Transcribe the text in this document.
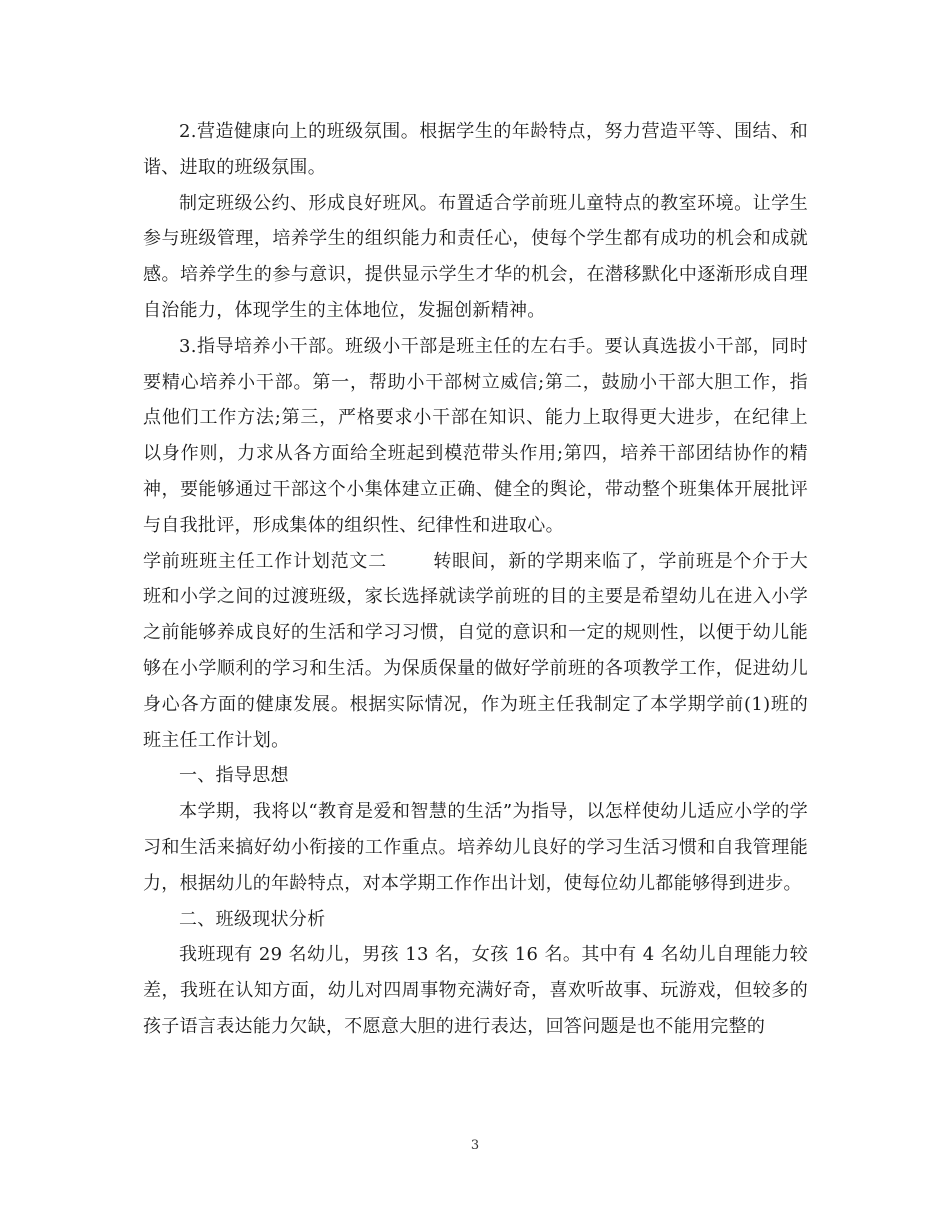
2.营造健康向上的班级氛围。根据学生的年龄特点，努力营造平等、围结、和谐、进取的班级氛围。

制定班级公约、形成良好班风。布置适合学前班儿童特点的教室环境。让学生参与班级管理，培养学生的组织能力和责任心，使每个学生都有成功的机会和成就感。培养学生的参与意识，提供显示学生才华的机会，在潜移默化中逐渐形成自理自治能力，体现学生的主体地位，发掘创新精神。

3.指导培养小干部。班级小干部是班主任的左右手。要认真选拔小干部，同时要精心培养小干部。第一，帮助小干部树立威信;第二，鼓励小干部大胆工作，指点他们工作方法;第三，严格要求小干部在知识、能力上取得更大进步，在纪律上以身作则，力求从各方面给全班起到模范带头作用;第四，培养干部团结协作的精神，要能够通过干部这个小集体建立正确、健全的舆论，带动整个班集体开展批评与自我批评，形成集体的组织性、纪律性和进取心。

学前班班主任工作计划范文二	转眼间，新的学期来临了，学前班是个介于大班和小学之间的过渡班级，家长选择就读学前班的目的主要是希望幼儿在进入小学之前能够养成良好的生活和学习习惯，自觉的意识和一定的规则性，以便于幼儿能够在小学顺利的学习和生活。为保质保量的做好学前班的各项教学工作，促进幼儿身心各方面的健康发展。根据实际情况，作为班主任我制定了本学期学前(1)班的班主任工作计划。

一、指导思想

本学期，我将以“教育是爱和智慧的生活”为指导，以怎样使幼儿适应小学的学习和生活来搞好幼小衔接的工作重点。培养幼儿良好的学习生活习惯和自我管理能力，根据幼儿的年龄特点，对本学期工作作出计划，使每位幼儿都能够得到进步。

二、班级现状分析

我班现有 29 名幼儿，男孩 13 名，女孩 16 名。其中有 4 名幼儿自理能力较差，我班在认知方面，幼儿对四周事物充满好奇，喜欢听故事、玩游戏，但较多的孩子语言表达能力欠缺，不愿意大胆的进行表达，回答问题是也不能用完整的

3
